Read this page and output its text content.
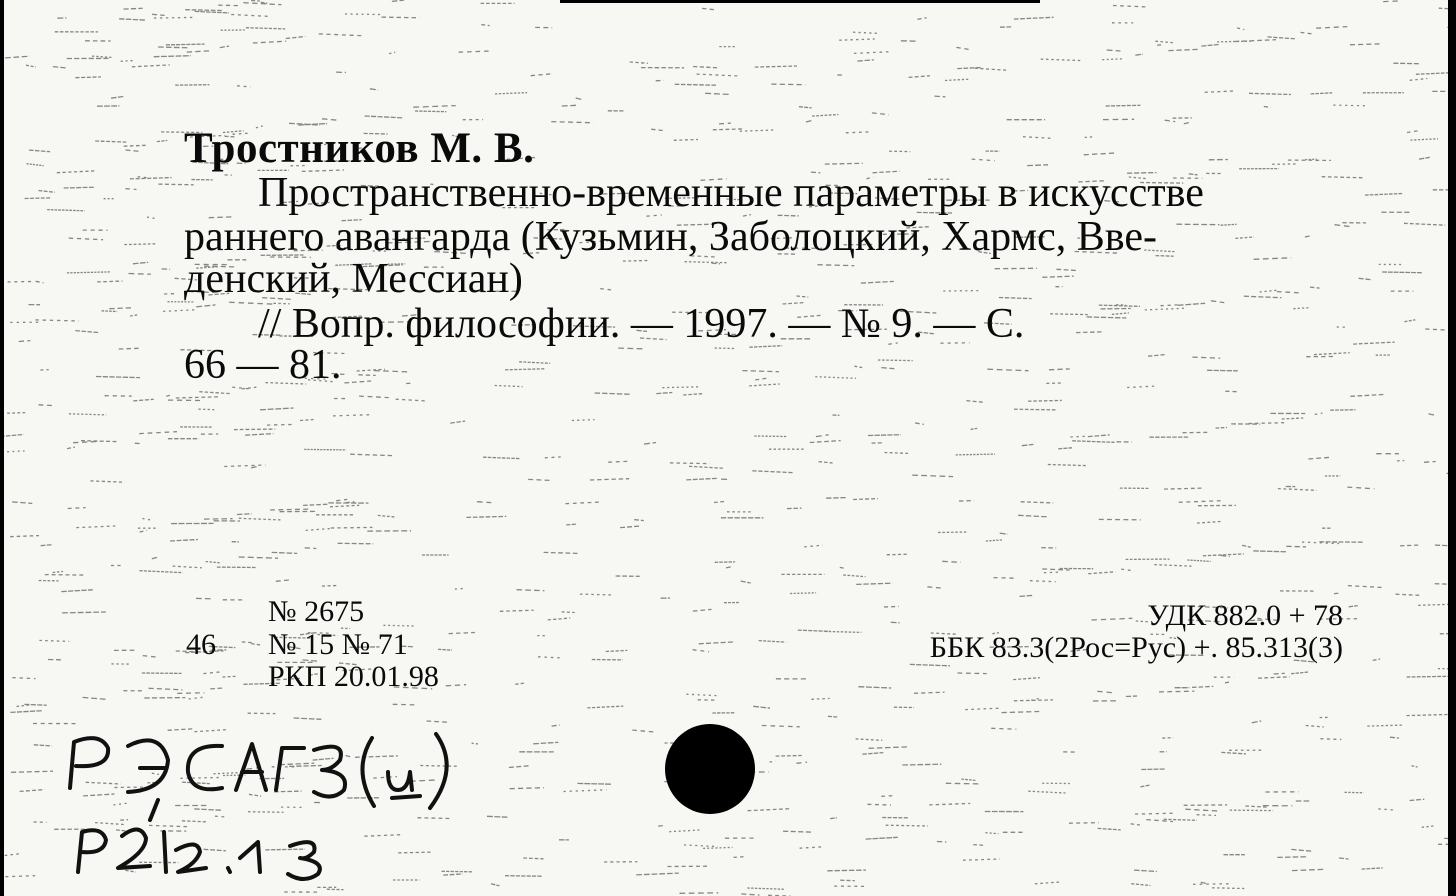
Тростников М. В.
Пространственно-временные параметры в искусстве
раннего авангарда (Кузьмин, Заболоцкий, Хармс, Вве-
денский, Мессиан)
// Вопр. философии. — 1997. — № 9. — С.
66 — 81.
№ 2675
46 № 15 № 71
РКП 20.01.98
УДК 882.0 + 78
ББК 83.3(2Рос=Рус) +. 85.313(3)
